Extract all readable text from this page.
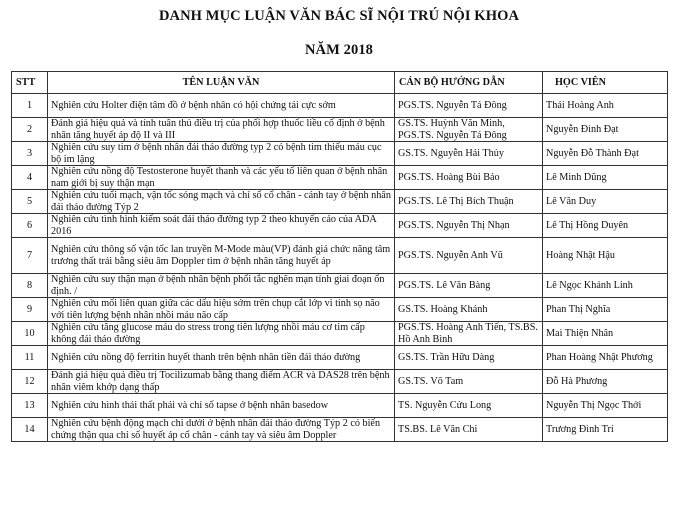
DANH MỤC LUẬN VĂN BÁC SĨ NỘI TRÚ NỘI KHOA
NĂM 2018
STT	TÊN LUẬN VĂN	CÁN BỘ HƯỚNG DẪN	HỌC VIÊN
1	Nghiên cứu Holter điện tâm đồ ở bệnh nhân có hội chứng tái cực sớm	PGS.TS. Nguyễn Tá Đông	Thái Hoàng Anh
2	Đánh giá hiệu quả và tính tuân thủ điều trị của phối hợp thuốc liều cố định ở bệnh nhân tăng huyết áp độ II và III	GS.TS. Huỳnh Văn Minh, PGS.TS. Nguyễn Tá Đông	Nguyễn Đình Đạt
3	Nghiên cứu suy tim ở bệnh nhân đái tháo đường typ 2 có bệnh tim thiếu máu cục bộ im lặng	GS.TS. Nguyễn Hải Thủy	Nguyễn Đỗ Thành Đạt
4	Nghiên cứu nồng độ Testosterone huyết thanh và các yếu tố liên quan ở bệnh nhân nam giới bị suy thận mạn	PGS.TS. Hoàng Bùi Bảo	Lê Minh Dũng
5	Nghiên cứu tuổi mạch, vận tốc sóng mạch và chỉ số cổ chân - cánh tay ở bệnh nhân đái tháo đường Týp 2	PGS.TS. Lê Thị Bích Thuận	Lê Văn Duy
6	Nghiên cứu tình hình kiểm soát đái tháo đường typ 2 theo khuyến cáo của ADA 2016	PGS.TS. Nguyễn Thị Nhạn	Lê Thị Hồng Duyên
7	Nghiên cứu thông số vận tốc lan truyền M-Mode màu(VP) đánh giá chức năng tâm trương thất trái bằng siêu âm Doppler tim ở bệnh nhân tăng huyết áp	PGS.TS. Nguyễn Anh Vũ	Hoàng Nhật Hậu
8	Nghiên cứu suy thận mạn ở bệnh nhân bệnh phổi tắc nghẽn mạn tính giai đoạn ổn định. /	PGS.TS. Lê Văn Bàng	Lê Ngọc Khánh Linh
9	Nghiên cứu mối liên quan giữa các dấu hiệu sớm trên chụp cắt lớp vi tính sọ não với tiên lượng bệnh nhân nhồi máu não cấp	GS.TS. Hoàng Khánh	Phan Thị Nghĩa
10	Nghiên cứu tăng glucose máu do stress trong tiên lượng nhồi máu cơ tim cấp không đái tháo đường	PGS.TS. Hoàng Anh Tiến, TS.BS. Hồ Anh Bình	Mai Thiện Nhân
11	Nghiên cứu nồng độ ferritin huyết thanh trên bệnh nhân tiền đái tháo đường	GS.TS. Trần Hữu Dàng	Phan Hoàng Nhật Phương
12	Đánh giá hiệu quả điều trị Tocilizumab bằng thang điểm ACR và DAS28 trên bệnh nhân viêm khớp dạng thấp	GS.TS. Võ Tam	Đỗ Hà Phương
13	Nghiên cứu hình thái thất phải và chỉ số tapse ở bệnh nhân basedow	TS. Nguyễn Cửu Long	Nguyễn Thị Ngọc Thới
14	Nghiên cứu bệnh động mạch chi dưới ở bệnh nhân đái tháo đường Týp 2 có biến chứng thận qua chỉ số huyết áp cổ chân - cánh tay và siêu âm Doppler	TS.BS. Lê Văn Chi	Trương Đình Trí
